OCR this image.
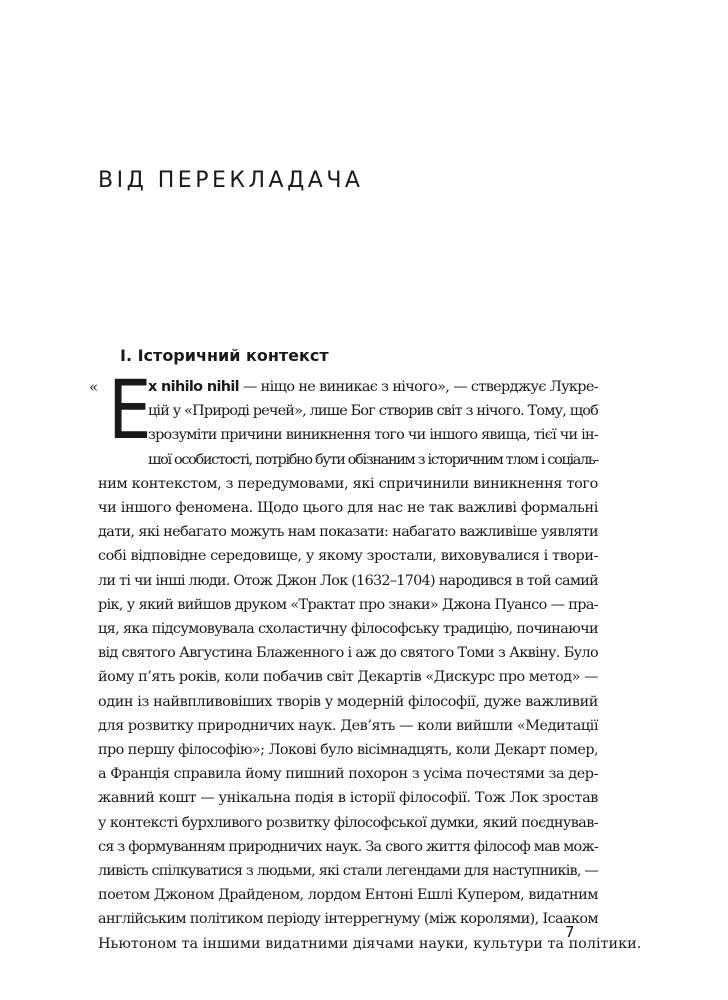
ВІД ПЕРЕКЛАДАЧА
I. Історичний контекст
« Е

x nihilo nihil — ніщо не виникає з нічого», — стверджує Лукре-
цій у «Природі речей», лише Бог створив світ з нічого. Тому, щоб
зрозуміти причини виникнення того чи іншого явища, тієї чи ін-
шої особистості, потрібно бути обізнаним з історичним тлом і соціаль-
ним контекстом, з передумовами, які спричинили виникнення того
чи іншого феномена. Щодо цього для нас не так важливі формальні
дати, які небагато можуть нам показати: набагато важливіше уявляти
собі відповідне середовище, у якому зростали, виховувалися і твори-
ли ті чи інші люди. Отож Джон Лок (1632–1704) народився в той самий
рік, у який вийшов друком «Трактат про знаки» Джона Пуансо — пра-
ця, яка підсумовувала схоластичну філософську традицію, починаючи
від святого Августина Блаженного і аж до святого Томи з Аквіну. Було
йому п’ять років, коли побачив світ Декартів «Дискурс про метод» —
один із найвпливовіших творів у модерній філософії, дуже важливий
для розвитку природничих наук. Дев’ять — коли вийшли «Медитації
про першу філософію»; Локові було вісімнадцять, коли Декарт помер,
а Франція справила йому пишний похорон з усіма почестями за дер-
жавний кошт — унікальна подія в історії філософії. Тож Лок зростав
у контексті бурхливого розвитку філософської думки, який поєднував-
ся з формуванням природничих наук. За свого життя філософ мав мож-
ливість спілкуватися з людьми, які стали легендами для наступників, —
поетом Джоном Драйденом, лордом Ентоні Ешлі Купером, видатним
англійським політиком періоду інтеррегнуму (між королями), Ісааком
Ньютоном та іншими видатними діячами науки, культури та політики.

7
